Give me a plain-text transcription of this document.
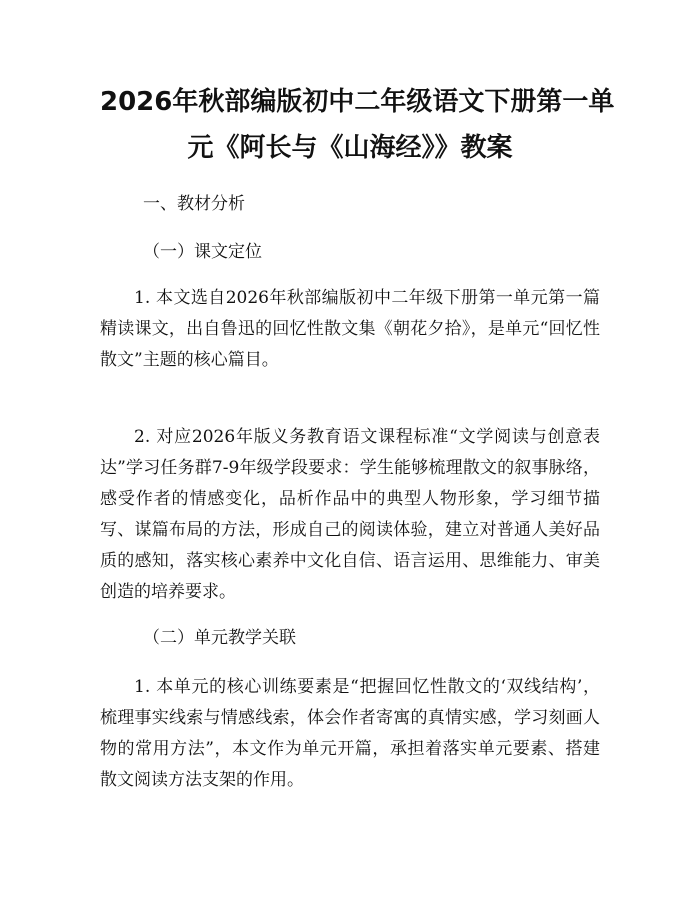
2026年秋部编版初中二年级语文下册第一单
元《阿长与《山海经》》教案
一、教材分析
（一）课文定位

1. 本文选自2026年秋部编版初中二年级下册第一单元第一篇精读课文，出自鲁迅的回忆性散文集《朝花夕拾》，是单元“回忆性散文”主题的核心篇目。

2. 对应2026年版义务教育语文课程标准“文学阅读与创意表达”学习任务群7-9年级学段要求：学生能够梳理散文的叙事脉络，感受作者的情感变化，品析作品中的典型人物形象，学习细节描写、谋篇布局的方法，形成自己的阅读体验，建立对普通人美好品质的感知，落实核心素养中文化自信、语言运用、思维能力、审美创造的培养要求。

（二）单元教学关联

1. 本单元的核心训练要素是“把握回忆性散文的‘双线结构’，梳理事实线索与情感线索，体会作者寄寓的真情实感，学习刻画人物的常用方法”，本文作为单元开篇，承担着落实单元要素、搭建散文阅读方法支架的作用。
